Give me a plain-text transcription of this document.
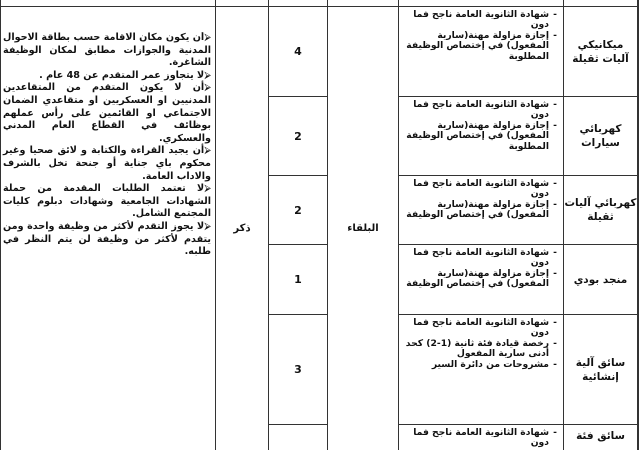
ميكانيكي آليات ثقيلة
كهربائي سيارات
كهربائي آليات ثقيلة
منجد بودي
سائق آلية إنشائية
سائق فئة
- شهادة الثانوية العامة ناجح فما دون
- إجازة مزاولة مهنة(سارية المفعول) في إختصاص الوظيفة المطلوبة
- شهادة الثانوية العامة ناجح فما دون
- إجازة مزاولة مهنة(سارية المفعول) في إختصاص الوظيفة المطلوبة
- شهادة الثانوية العامة ناجح فما دون
- إجازة مزاولة مهنة(سارية المفعول) في إختصاص الوظيفة
- شهادة الثانوية العامة ناجح فما دون
- إجازة مزاولة مهنة(سارية المفعول) في إختصاص الوظيفة
- شهادة الثانوية العامة ناجح فما دون
- رخصة قيادة فئة ثانية (1-2) كحد أدنى سارية المفعول
- مشروحات من دائرة السير
- شهادة الثانوية العامة ناجح فما دون
البلقاء
4
2
2
1
3
ذكر

⮚أن يكون مكان الاقامة حسب بطاقة الاحوال المدنية والجوازات مطابق لمكان الوظيفة الشاغرة.

⮚لا يتجاوز عمر المتقدم عن 48 عام .

⮚أن لا يكون المتقدم من المتقاعدين المدنيين او العسكريين او متقاعدي الضمان الاجتماعي او القائمين على رأس عملهم بوظائف في القطاع العام المدني والعسكري.

⮚أن يجيد القراءة والكتابة و لائق صحيا وغير محكوم باي جناية أو جنحة تخل بالشرف والاداب العامة.

⮚لا تعتمد الطلبات المقدمة من حملة الشهادات الجامعية وشهادات دبلوم كليات المجتمع الشامل.

⮚لا يجوز التقدم لأكثر من وظيفة واحدة ومن يتقدم لأكثر من وظيفة لن يتم النظر في طلبه.
